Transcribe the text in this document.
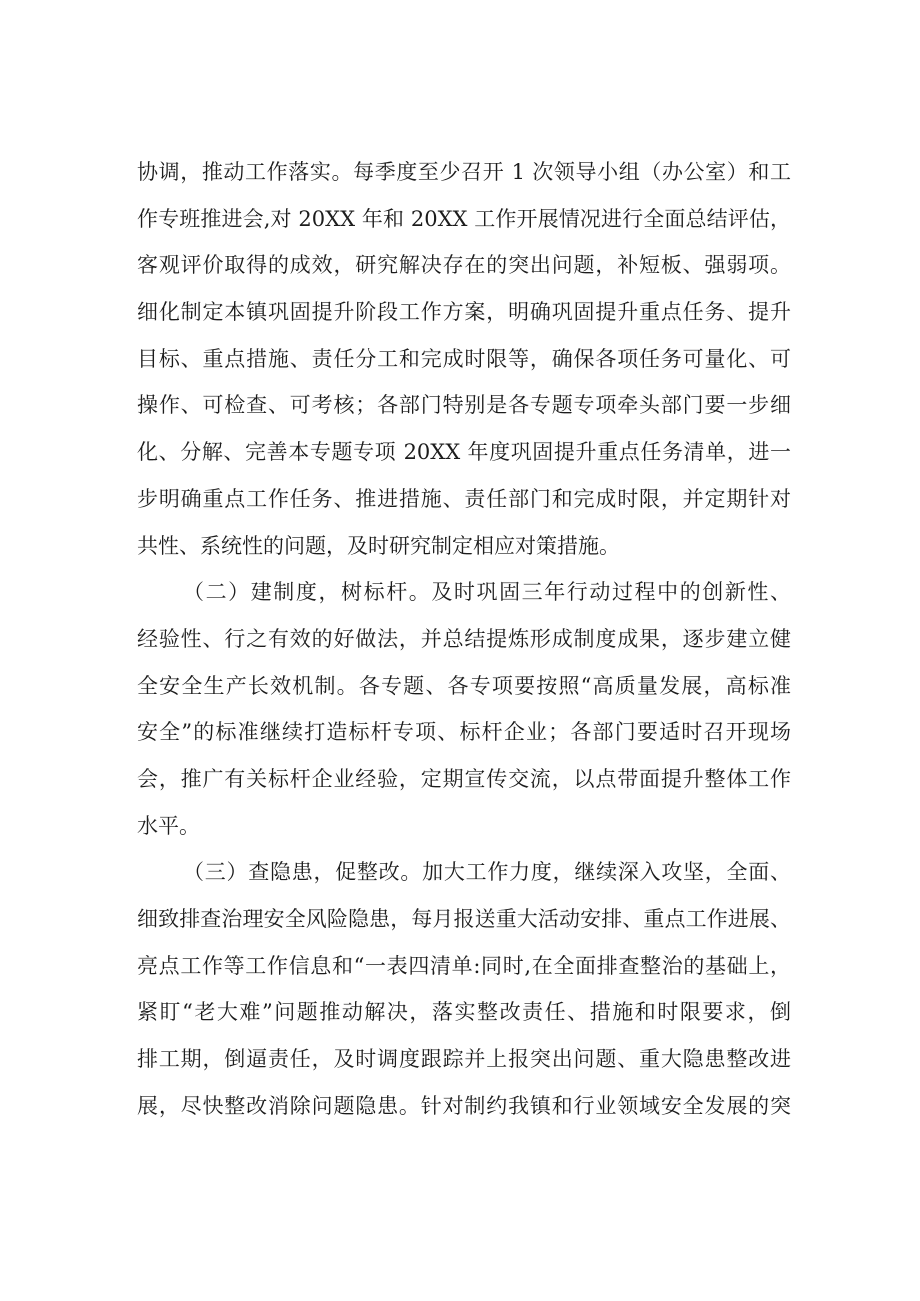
协调，推动工作落实。每季度至少召开 1 次领导小组（办公室）和工
作专班推进会,对 20XX 年和 20XX 工作开展情况进行全面总结评估，
客观评价取得的成效，研究解决存在的突出问题，补短板、强弱项。
细化制定本镇巩固提升阶段工作方案，明确巩固提升重点任务、提升
目标、重点措施、责任分工和完成时限等，确保各项任务可量化、可
操作、可检查、可考核；各部门特别是各专题专项牵头部门要一步细
化、分解、完善本专题专项 20XX 年度巩固提升重点任务清单，进一
步明确重点工作任务、推进措施、责任部门和完成时限，并定期针对
共性、系统性的问题，及时研究制定相应对策措施。
（二）建制度，树标杆。及时巩固三年行动过程中的创新性、
经验性、行之有效的好做法，并总结提炼形成制度成果，逐步建立健
全安全生产长效机制。各专题、各专项要按照“高质量发展，高标准
安全”的标准继续打造标杆专项、标杆企业；各部门要适时召开现场
会，推广有关标杆企业经验，定期宣传交流，以点带面提升整体工作
水平。
（三）查隐患，促整改。加大工作力度，继续深入攻坚，全面、
细致排查治理安全风险隐患，每月报送重大活动安排、重点工作进展、
亮点工作等工作信息和“一表四清单:同时,在全面排查整治的基础上，
紧盯“老大难”问题推动解决，落实整改责任、措施和时限要求，倒
排工期，倒逼责任，及时调度跟踪并上报突出问题、重大隐患整改进
展，尽快整改消除问题隐患。针对制约我镇和行业领域安全发展的突
